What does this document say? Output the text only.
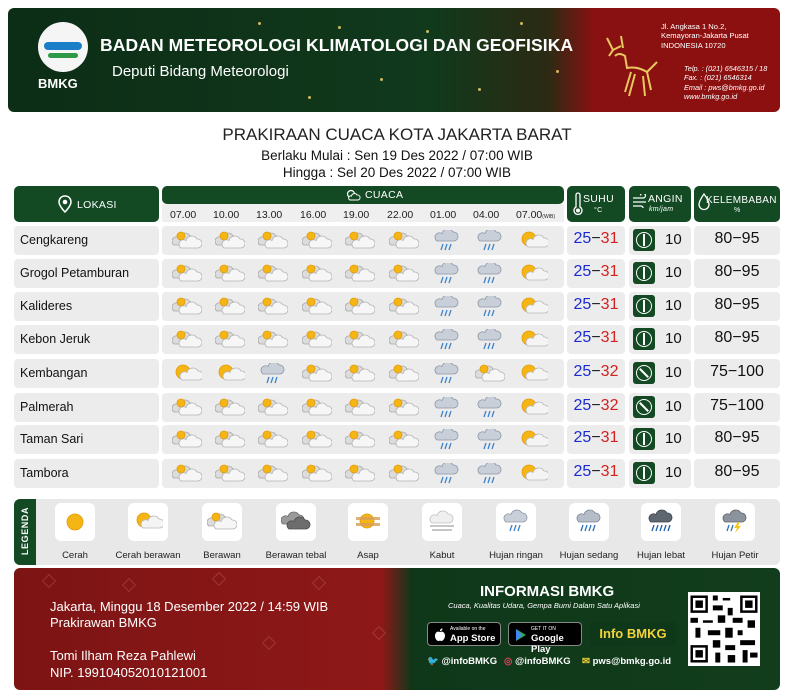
BMKG
BADAN METEOROLOGI KLIMATOLOGI DAN GEOFISIKA
Deputi Bidang Meteorologi
Jl. Angkasa 1 No.2,
Kemayoran-Jakarta Pusat
INDONESIA 10720
Telp. : (021) 6546315 / 18
Fax. : (021) 6546314
Email : pws@bmkg.go.id
www.bmkg.go.id
PRAKIRAAN CUACA KOTA JAKARTA BARAT
Berlaku Mulai : Sen 19 Des 2022 / 07:00 WIB
Hingga : Sel 20 Des 2022 / 07:00 WIB
LOKASI
CUACA
07.00 10.00 13.00 16.00 19.00 22.00 01.00 04.00 07.00(WIB)
SUHU
°C
ANGIN
km/jam
KELEMBABAN
%
Cengkareng	25−31	10	80−95
Grogol Petamburan	25−31	10	80−95
Kalideres	25−31	10	80−95
Kebon Jeruk	25−31	10	80−95
Kembangan	25−32	10	75−100
Palmerah	25−32	10	75−100
Taman Sari	25−31	10	80−95
Tambora	25−31	10	80−95
LEGENDA
Cerah	Cerah berawan	Berawan	Berawan tebal	Asap	Kabut	Hujan ringan	Hujan sedang	Hujan lebat	Hujan Petir
Jakarta, Minggu 18 Desember 2022 / 14:59 WIB
Prakirawan BMKG
Tomi Ilham Reza Pahlewi
NIP. 199104052010121001
INFORMASI BMKG
Cuaca, Kualitas Udara, Gempa Bumi Dalam Satu Aplikasi
Available on the
App Store
GET IT ON
Google Play
Info BMKG
🐦 @infoBMKG ◎ @infoBMKG ✉ pws@bmkg.go.id
